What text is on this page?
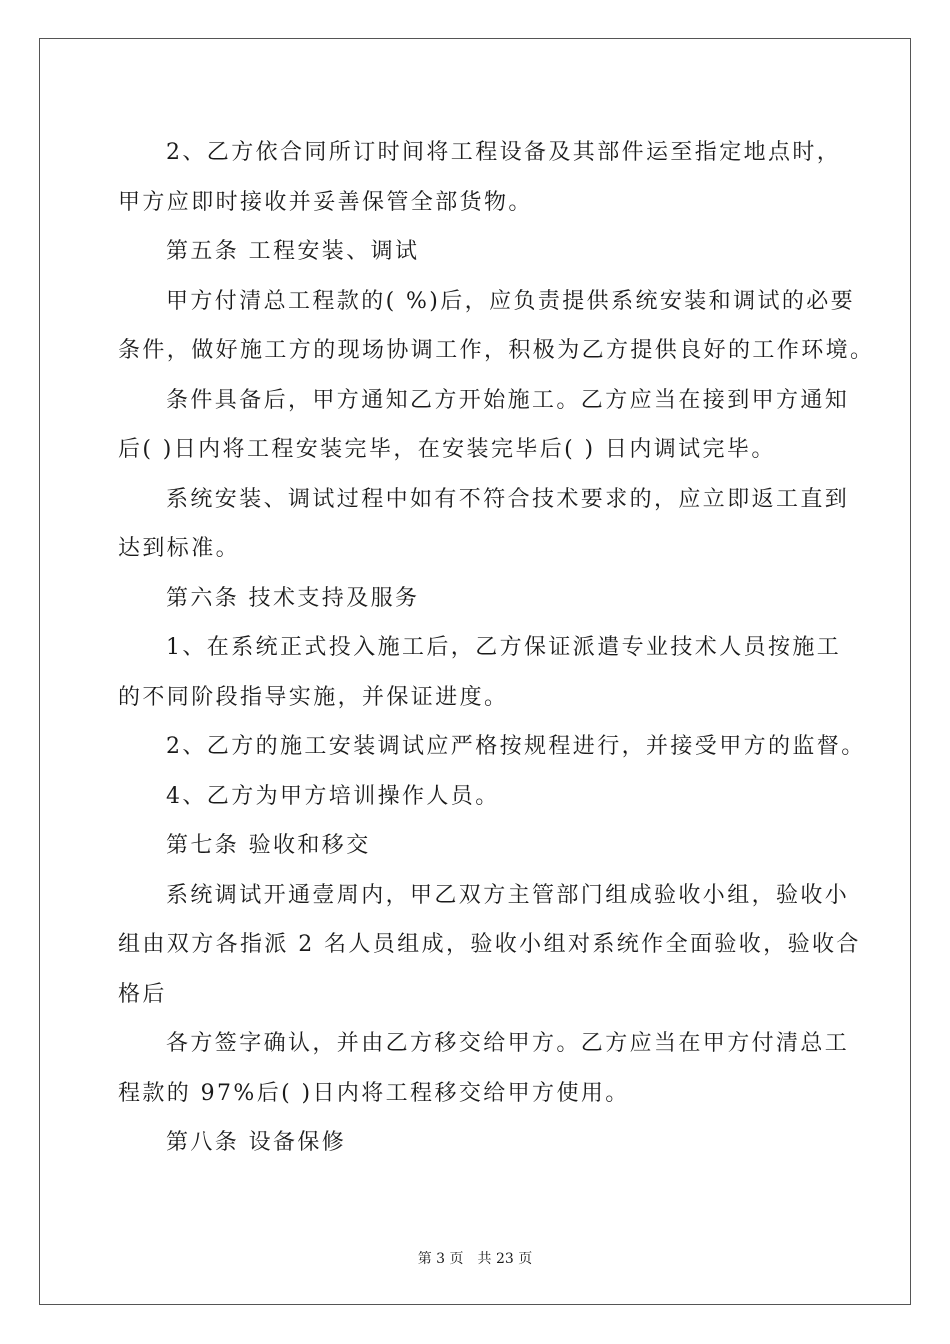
2、乙方依合同所订时间将工程设备及其部件运至指定地点时，

甲方应即时接收并妥善保管全部货物。

第五条 工程安装、调试

甲方付清总工程款的( %)后，应负责提供系统安装和调试的必要

条件，做好施工方的现场协调工作，积极为乙方提供良好的工作环境。

条件具备后，甲方通知乙方开始施工。乙方应当在接到甲方通知

后( )日内将工程安装完毕，在安装完毕后( ) 日内调试完毕。

系统安装、调试过程中如有不符合技术要求的，应立即返工直到

达到标准。

第六条 技术支持及服务

1、在系统正式投入施工后，乙方保证派遣专业技术人员按施工

的不同阶段指导实施，并保证进度。

2、乙方的施工安装调试应严格按规程进行，并接受甲方的监督。

4、乙方为甲方培训操作人员。

第七条 验收和移交

系统调试开通壹周内，甲乙双方主管部门组成验收小组，验收小

组由双方各指派 2 名人员组成，验收小组对系统作全面验收，验收合

格后

各方签字确认，并由乙方移交给甲方。乙方应当在甲方付清总工

程款的 97%后( )日内将工程移交给甲方使用。

第八条 设备保修

第 3 页 共 23 页
